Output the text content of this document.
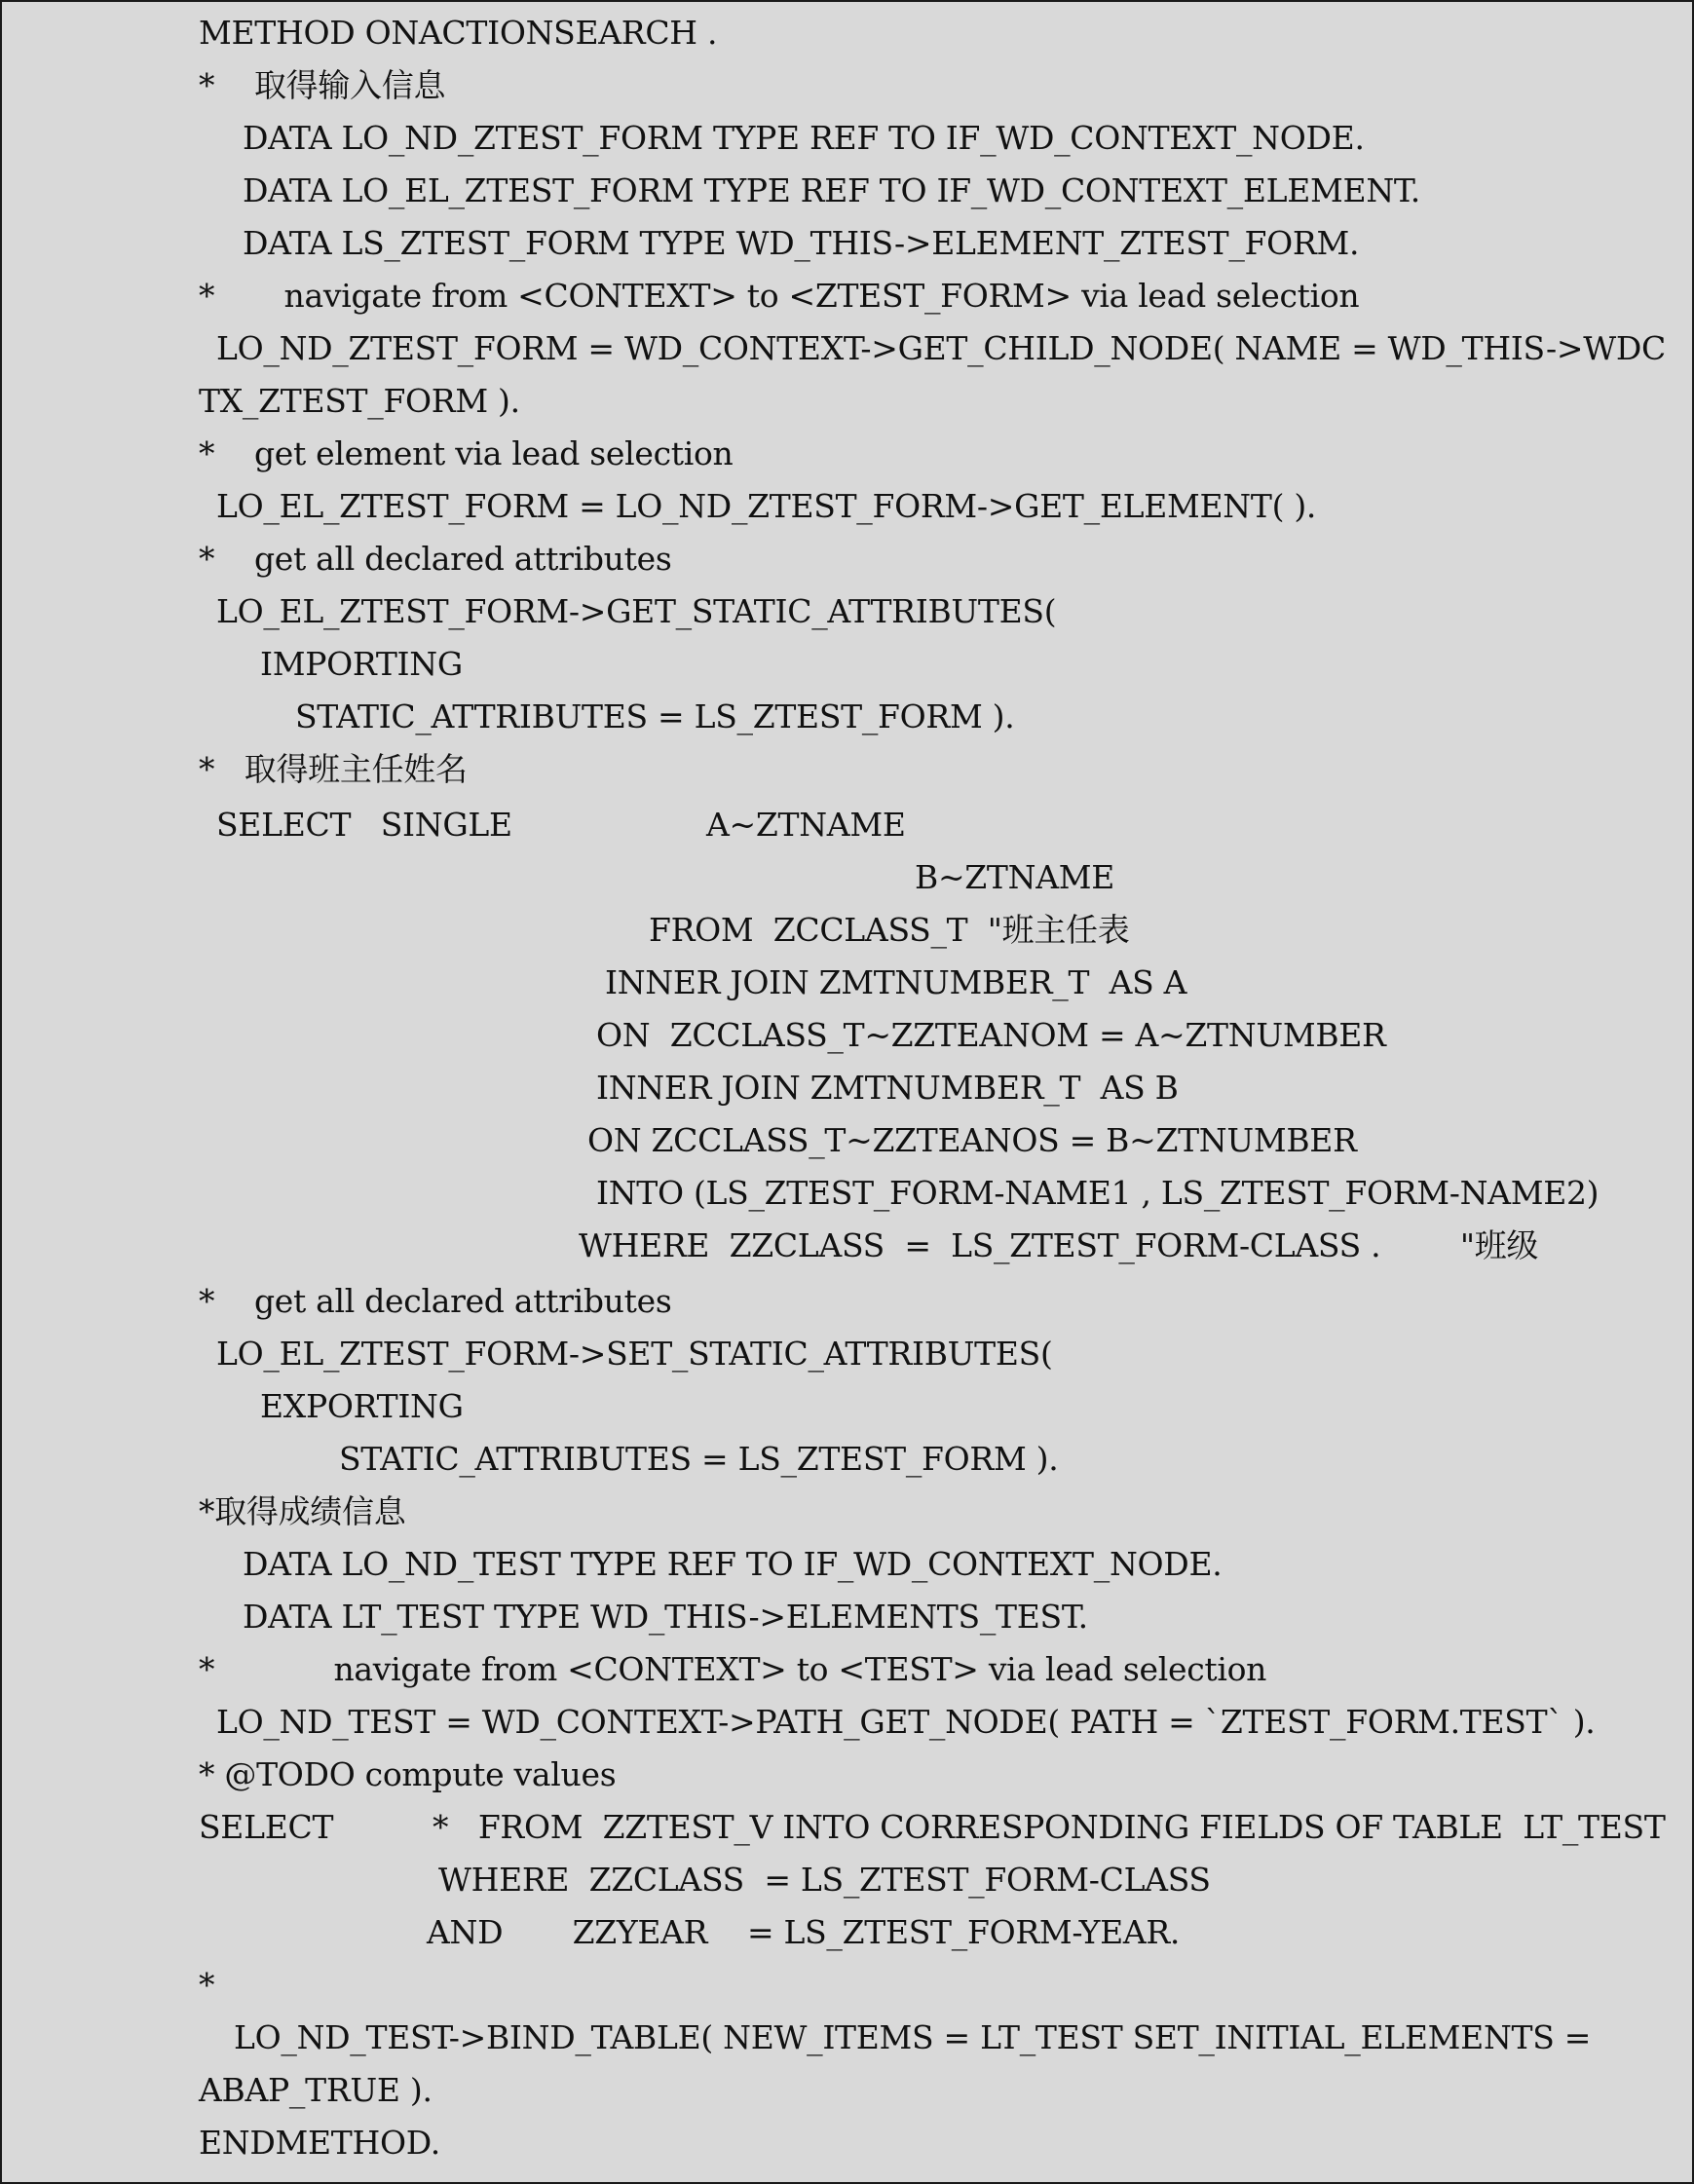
METHOD ONACTIONSEARCH .
*    取得输入信息
DATA LO_ND_ZTEST_FORM TYPE REF TO IF_WD_CONTEXT_NODE.
DATA LO_EL_ZTEST_FORM TYPE REF TO IF_WD_CONTEXT_ELEMENT.
DATA LS_ZTEST_FORM TYPE WD_THIS->ELEMENT_ZTEST_FORM.
*       navigate from <CONTEXT> to <ZTEST_FORM> via lead selection
LO_ND_ZTEST_FORM = WD_CONTEXT->GET_CHILD_NODE( NAME = WD_THIS->WDC
TX_ZTEST_FORM ).
*    get element via lead selection
LO_EL_ZTEST_FORM = LO_ND_ZTEST_FORM->GET_ELEMENT( ).
*    get all declared attributes
LO_EL_ZTEST_FORM->GET_STATIC_ATTRIBUTES(
IMPORTING
STATIC_ATTRIBUTES = LS_ZTEST_FORM ).
*   取得班主任姓名
SELECT   SINGLE	A~ZTNAME
B~ZTNAME
FROM  ZCCLASS_T  "班主任表
INNER JOIN ZMTNUMBER_T  AS A
ON  ZCCLASS_T~ZZTEANOM = A~ZTNUMBER
INNER JOIN ZMTNUMBER_T  AS B
ON ZCCLASS_T~ZZTEANOS = B~ZTNUMBER
INTO (LS_ZTEST_FORM-NAME1 , LS_ZTEST_FORM-NAME2)
WHERE  ZZCLASS  =  LS_ZTEST_FORM-CLASS .        "班级
*    get all declared attributes
LO_EL_ZTEST_FORM->SET_STATIC_ATTRIBUTES(
EXPORTING
STATIC_ATTRIBUTES = LS_ZTEST_FORM ).
*取得成绩信息
DATA LO_ND_TEST TYPE REF TO IF_WD_CONTEXT_NODE.
DATA LT_TEST TYPE WD_THIS->ELEMENTS_TEST.
*            navigate from <CONTEXT> to <TEST> via lead selection
LO_ND_TEST = WD_CONTEXT->PATH_GET_NODE( PATH = `ZTEST_FORM.TEST` ).
* @TODO compute values
SELECT          *   FROM  ZZTEST_V INTO CORRESPONDING FIELDS OF TABLE  LT_TEST
WHERE  ZZCLASS  = LS_ZTEST_FORM-CLASS
AND       ZZYEAR    = LS_ZTEST_FORM-YEAR.
*
LO_ND_TEST->BIND_TABLE( NEW_ITEMS = LT_TEST SET_INITIAL_ELEMENTS =
ABAP_TRUE ).
ENDMETHOD.
